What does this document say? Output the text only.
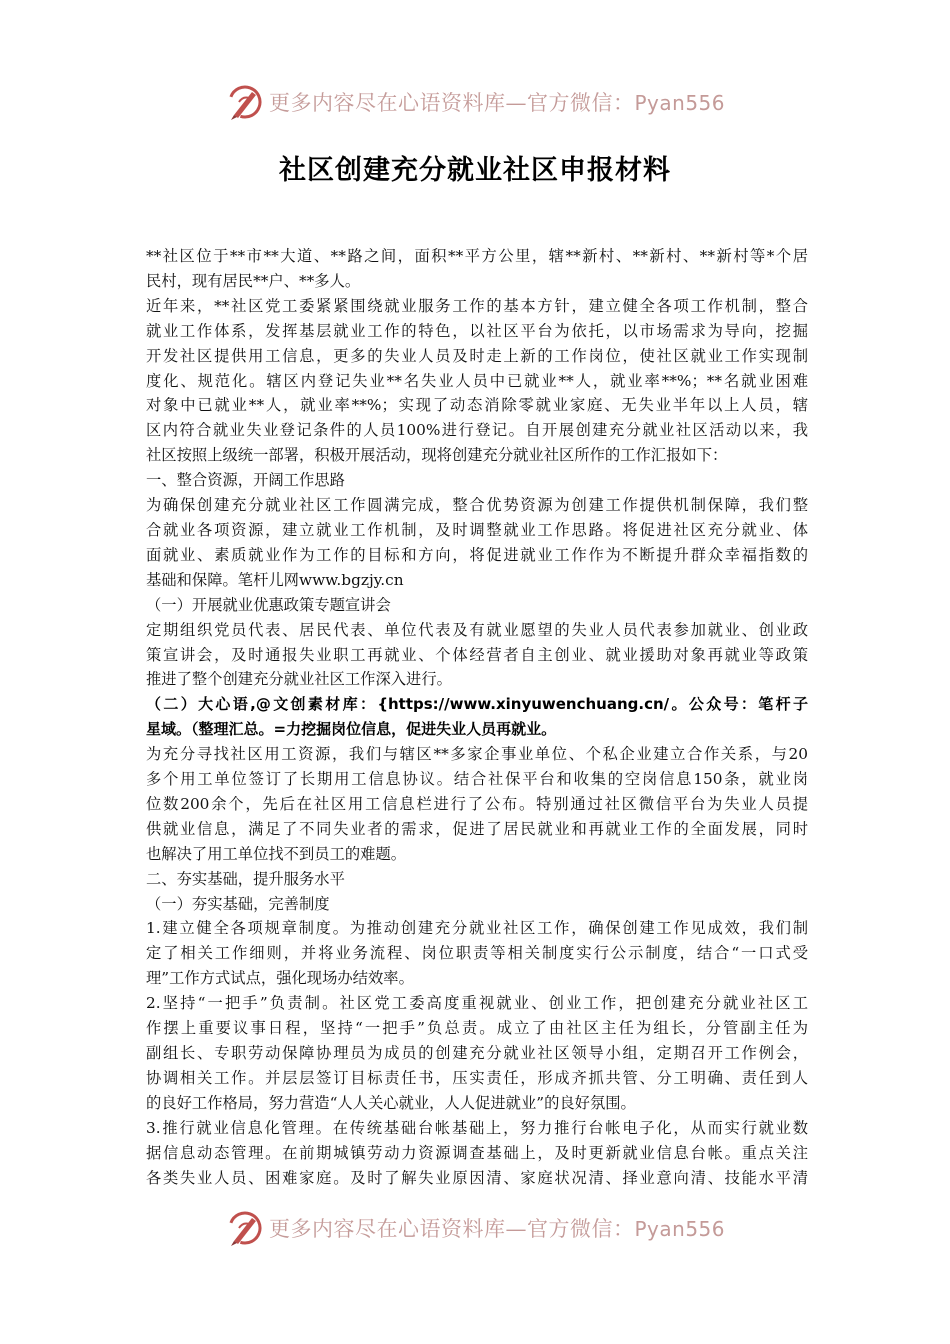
更多内容尽在心语资料库—官方微信：Pyan556
社区创建充分就业社区申报材料
**社区位于**市**大道、**路之间，面积**平方公里，辖**新村、**新村、**新村等*个居
民村，现有居民**户、**多人。
近年来，**社区党工委紧紧围绕就业服务工作的基本方针，建立健全各项工作机制，整合
就业工作体系，发挥基层就业工作的特色，以社区平台为依托，以市场需求为导向，挖掘
开发社区提供用工信息，更多的失业人员及时走上新的工作岗位，使社区就业工作实现制
度化、规范化。辖区内登记失业**名失业人员中已就业**人，就业率**%；**名就业困难
对象中已就业**人，就业率**%；实现了动态消除零就业家庭、无失业半年以上人员，辖
区内符合就业失业登记条件的人员100%进行登记。自开展创建充分就业社区活动以来，我
社区按照上级统一部署，积极开展活动，现将创建充分就业社区所作的工作汇报如下：
一、整合资源，开阔工作思路
为确保创建充分就业社区工作圆满完成，整合优势资源为创建工作提供机制保障，我们整
合就业各项资源，建立就业工作机制，及时调整就业工作思路。将促进社区充分就业、体
面就业、素质就业作为工作的目标和方向，将促进就业工作作为不断提升群众幸福指数的
基础和保障。笔杆儿网www.bgzjy.cn
（一）开展就业优惠政策专题宣讲会
定期组织党员代表、居民代表、单位代表及有就业愿望的失业人员代表参加就业、创业政
策宣讲会，及时通报失业职工再就业、个体经营者自主创业、就业援助对象再就业等政策
推进了整个创建充分就业社区工作深入进行。
（二）大心语,@文创素材库：{https://www.xinyuwenchuang.cn/。公众号：笔杆子
星域。（整理汇总。=力挖掘岗位信息，促进失业人员再就业。
为充分寻找社区用工资源，我们与辖区**多家企事业单位、个私企业建立合作关系，与20
多个用工单位签订了长期用工信息协议。结合社保平台和收集的空岗信息150条，就业岗
位数200余个，先后在社区用工信息栏进行了公布。特别通过社区微信平台为失业人员提
供就业信息，满足了不同失业者的需求，促进了居民就业和再就业工作的全面发展，同时
也解决了用工单位找不到员工的难题。
二、夯实基础，提升服务水平
（一）夯实基础，完善制度
1.建立健全各项规章制度。为推动创建充分就业社区工作，确保创建工作见成效，我们制
定了相关工作细则，并将业务流程、岗位职责等相关制度实行公示制度，结合“一口式受
理”工作方式试点，强化现场办结效率。
2.坚持“一把手”负责制。社区党工委高度重视就业、创业工作，把创建充分就业社区工
作摆上重要议事日程，坚持“一把手”负总责。成立了由社区主任为组长，分管副主任为
副组长、专职劳动保障协理员为成员的创建充分就业社区领导小组，定期召开工作例会，
协调相关工作。并层层签订目标责任书，压实责任，形成齐抓共管、分工明确、责任到人
的良好工作格局，努力营造“人人关心就业，人人促进就业”的良好氛围。
3.推行就业信息化管理。在传统基础台帐基础上，努力推行台帐电子化，从而实行就业数
据信息动态管理。在前期城镇劳动力资源调查基础上，及时更新就业信息台帐。重点关注
各类失业人员、困难家庭。及时了解失业原因清、家庭状况清、择业意向清、技能水平清
更多内容尽在心语资料库—官方微信：Pyan556
